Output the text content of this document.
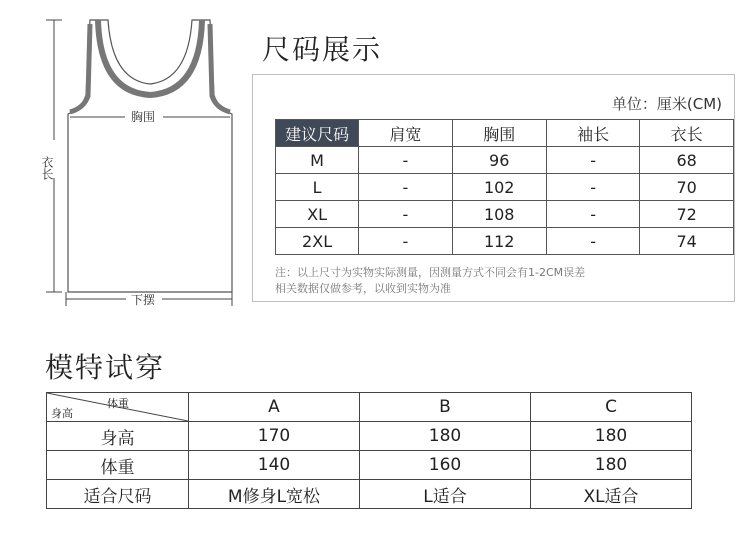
胸围
衣长
下摆
尺码展示
单位：厘米(CM)
建议尺码	肩宽	胸围	袖长	衣长
M	-	96	-	68
L	-	102	-	70
XL	-	108	-	72
2XL	-	112	-	74
注：以上尺寸为实物实际测量，因测量方式不同会有1-2CM误差
相关数据仅做参考，以收到实物为准
模特试穿
体重
身高	A	B	C
身高	170	180	180
体重	140	160	180
适合尺码	M修身L宽松	L适合	XL适合
